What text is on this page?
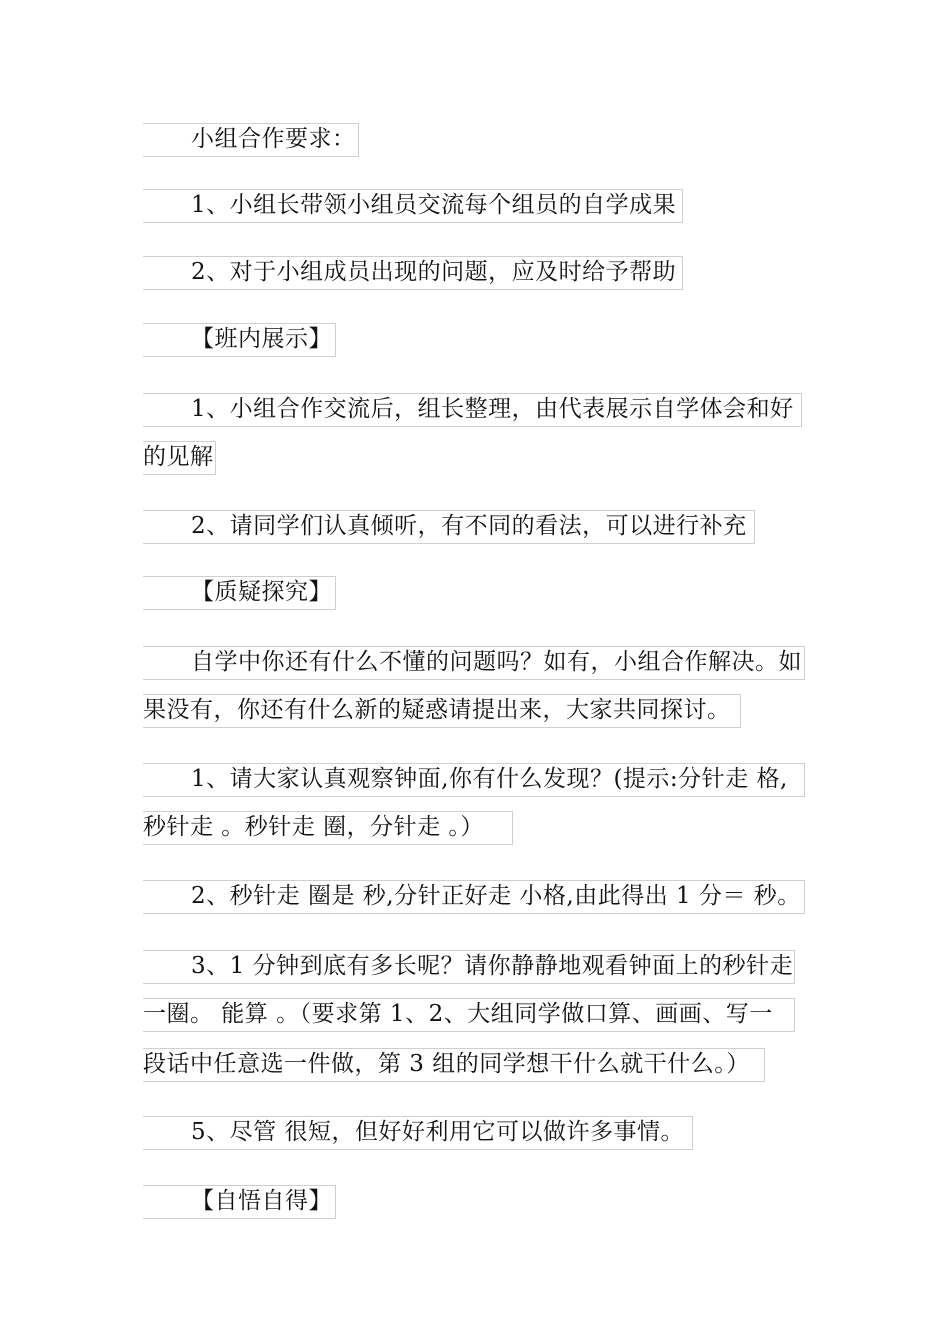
小组合作要求：
1、小组长带领小组员交流每个组员的自学成果
2、对于小组成员出现的问题，应及时给予帮助
【班内展示】
1、小组合作交流后，组长整理，由代表展示自学体会和好
的见解
2、请同学们认真倾听，有不同的看法，可以进行补充
【质疑探究】
自学中你还有什么不懂的问题吗？如有，小组合作解决。如
果没有，你还有什么新的疑惑请提出来，大家共同探讨。
1、请大家认真观察钟面,你有什么发现？(提示:分针走 格,
秒针走 。秒针走 圈，分针走 。）
2、秒针走 圈是 秒,分针正好走 小格,由此得出 1 分＝ 秒。
3、1 分钟到底有多长呢？请你静静地观看钟面上的秒针走
一圈。 能算 。（要求第 1、2、大组同学做口算、画画、写一
段话中任意选一件做，第 3 组的同学想干什么就干什么。）
5、尽管 很短，但好好利用它可以做许多事情。
【自悟自得】
